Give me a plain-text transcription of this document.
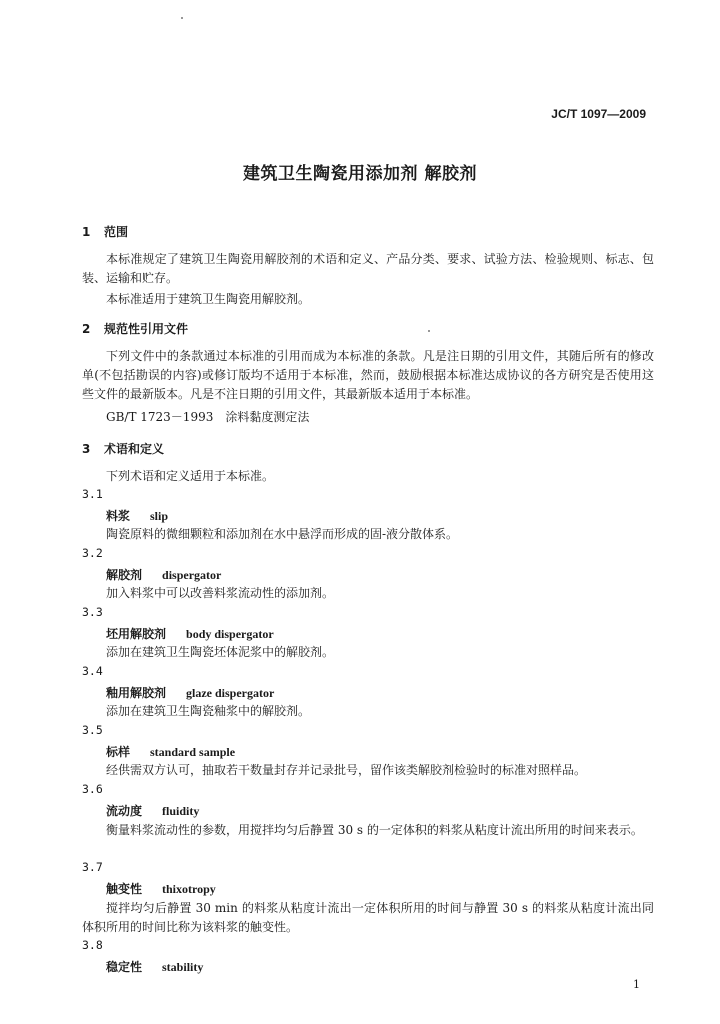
JC/T 1097—2009
建筑卫生陶瓷用添加剂 解胶剂
1 范围
本标准规定了建筑卫生陶瓷用解胶剂的术语和定义、产品分类、要求、试验方法、检验规则、标志、包装、运输和贮存。
本标准适用于建筑卫生陶瓷用解胶剂。
2 规范性引用文件
下列文件中的条款通过本标准的引用而成为本标准的条款。凡是注日期的引用文件，其随后所有的修改单(不包括勘误的内容)或修订版均不适用于本标准，然而，鼓励根据本标准达成协议的各方研究是否使用这些文件的最新版本。凡是不注日期的引用文件，其最新版本适用于本标准。
GB/T 1723－1993　涂料黏度测定法
3 术语和定义
下列术语和定义适用于本标准。
3.1
料浆 slip
陶瓷原料的微细颗粒和添加剂在水中悬浮而形成的固-液分散体系。
3.2
解胶剂 dispergator
加入料浆中可以改善料浆流动性的添加剂。
3.3
坯用解胶剂 body dispergator
添加在建筑卫生陶瓷坯体泥浆中的解胶剂。
3.4
釉用解胶剂 glaze dispergator
添加在建筑卫生陶瓷釉浆中的解胶剂。
3.5
标样 standard sample
经供需双方认可，抽取若干数量封存并记录批号，留作该类解胶剂检验时的标准对照样品。
3.6
流动度 fluidity
衡量料浆流动性的参数，用搅拌均匀后静置 30 s 的一定体积的料浆从粘度计流出所用的时间来表示。
3.7
触变性 thixotropy
搅拌均匀后静置 30 min 的料浆从粘度计流出一定体积所用的时间与静置 30 s 的料浆从粘度计流出同体积所用的时间比称为该料浆的触变性。
3.8
稳定性 stability
1
